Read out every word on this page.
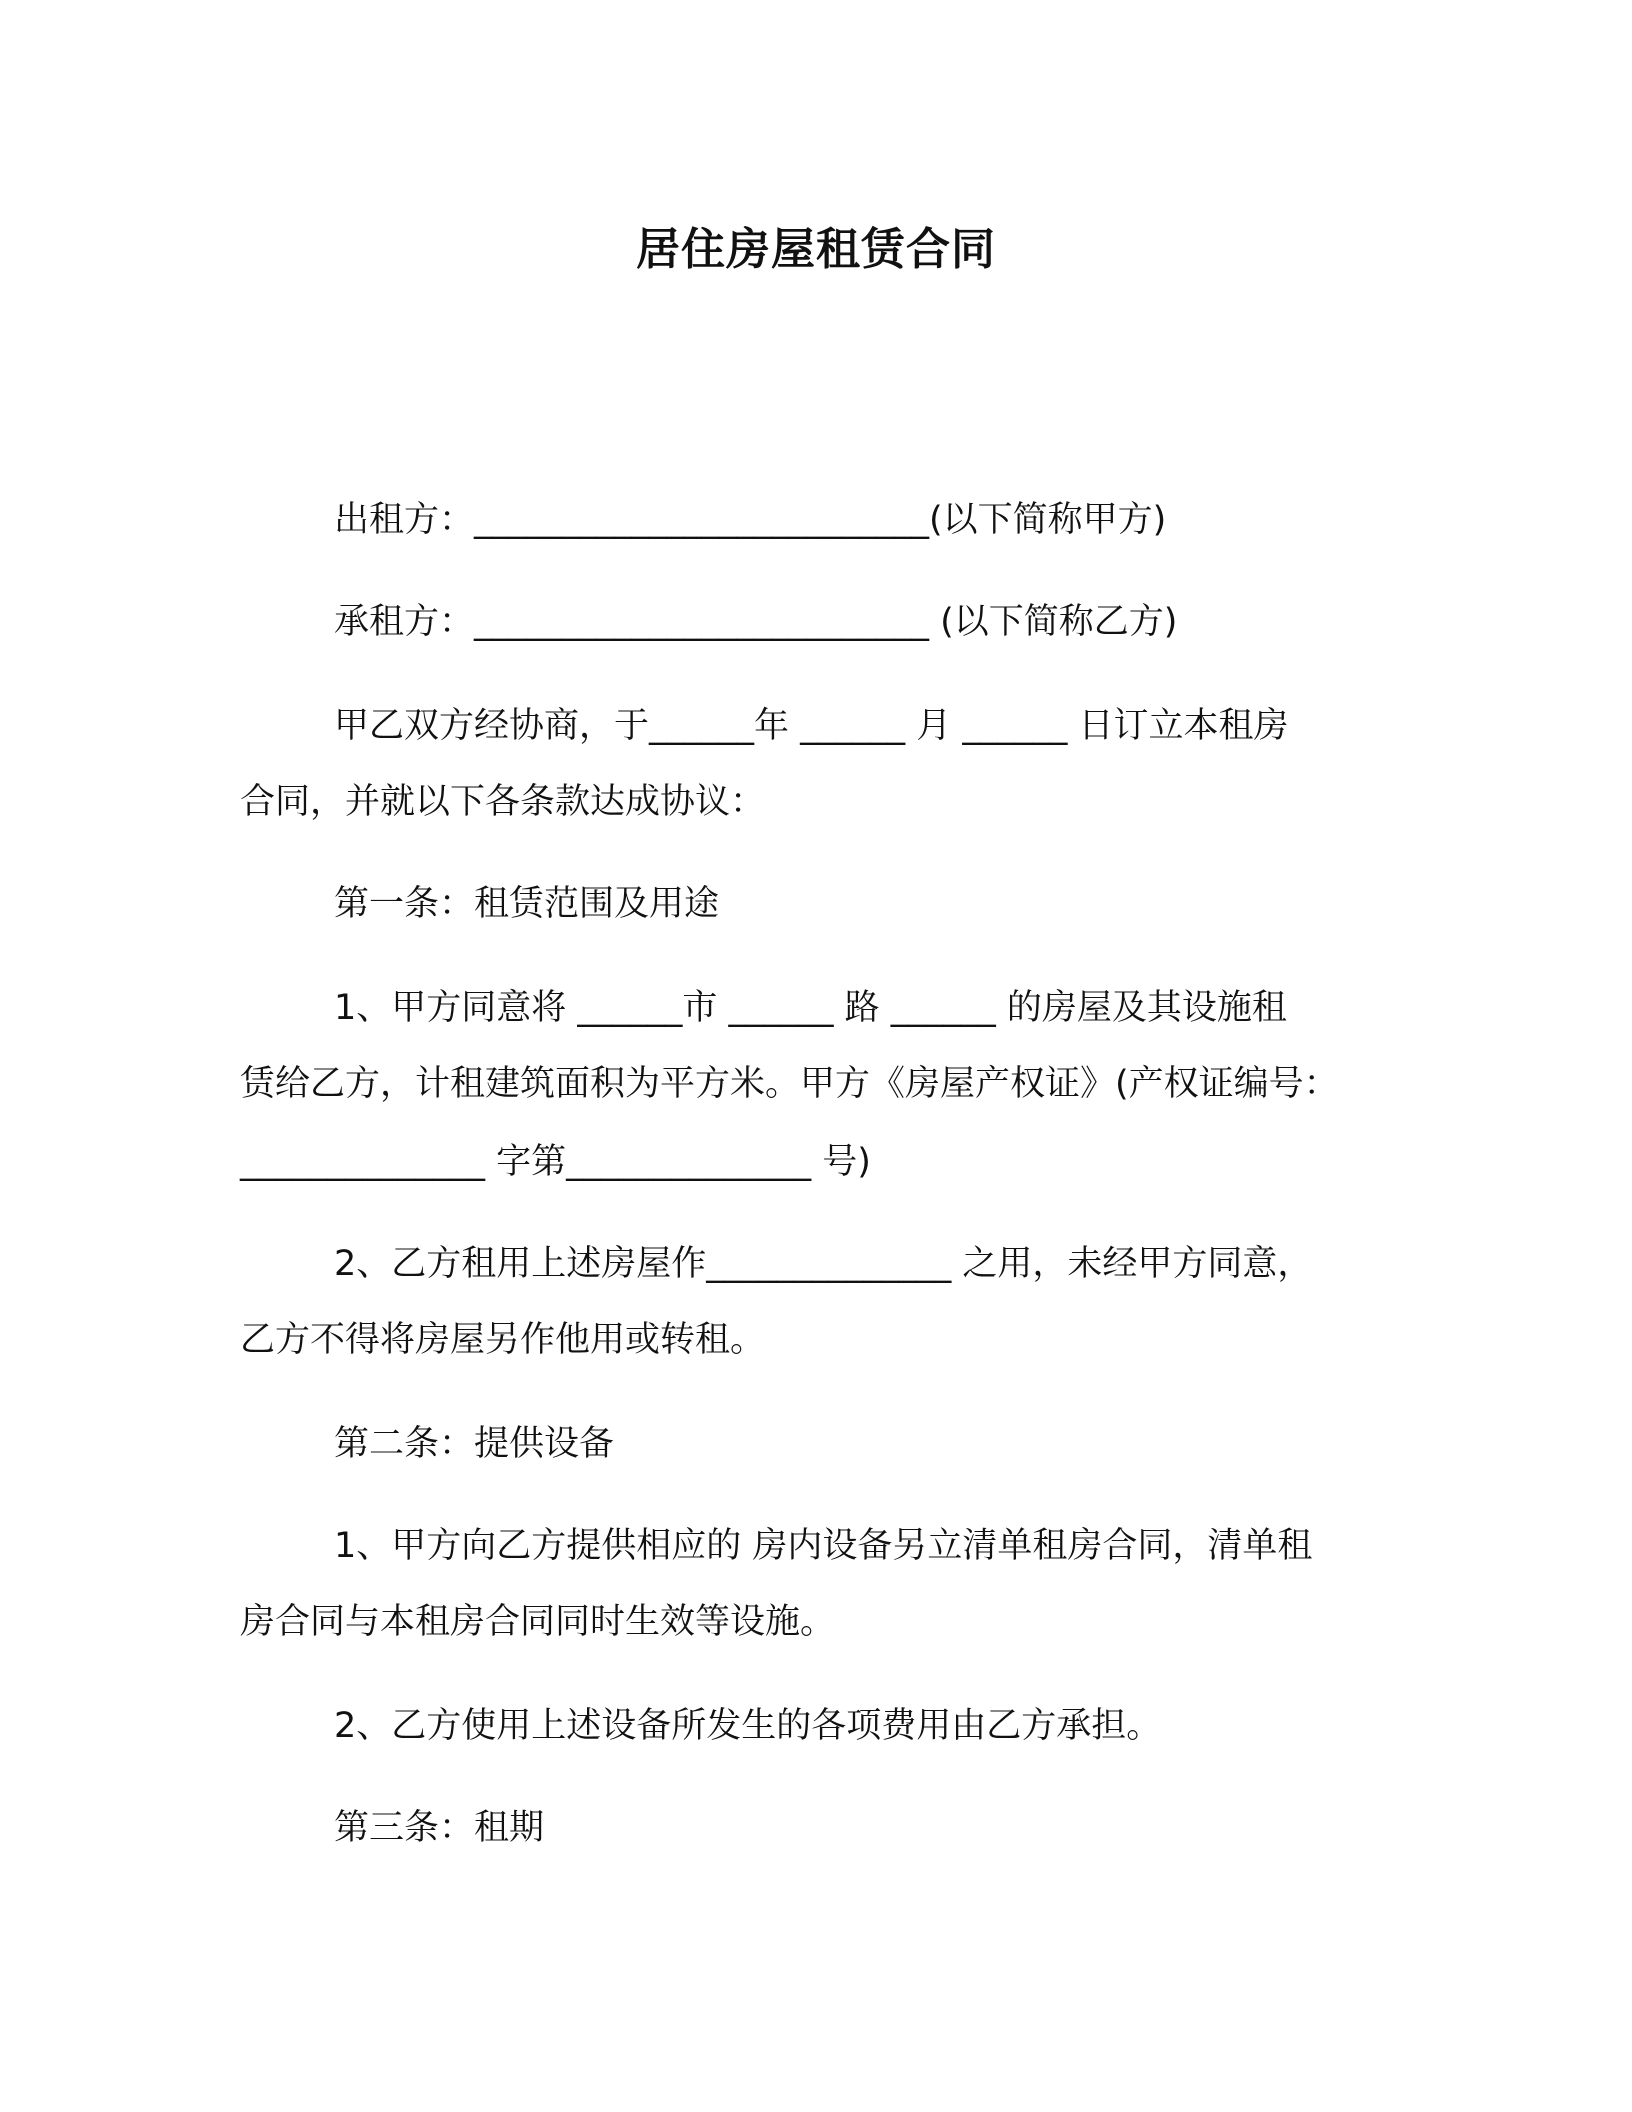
居住房屋租赁合同
出租方：__________________________(以下简称甲方)
承租方：__________________________ (以下简称乙方)
甲乙双方经协商，于______年 ______ 月 ______ 日订立本租房
合同，并就以下各条款达成协议：
第一条：租赁范围及用途
1、甲方同意将 ______市 ______ 路 ______ 的房屋及其设施租
赁给乙方，计租建筑面积为平方米。甲方《房屋产权证》(产权证编号：
______________ 字第______________ 号)
2、乙方租用上述房屋作______________ 之用，未经甲方同意，
乙方不得将房屋另作他用或转租。
第二条：提供设备
1、甲方向乙方提供相应的 房内设备另立清单租房合同，清单租
房合同与本租房合同同时生效等设施。
2、乙方使用上述设备所发生的各项费用由乙方承担。
第三条：租期
